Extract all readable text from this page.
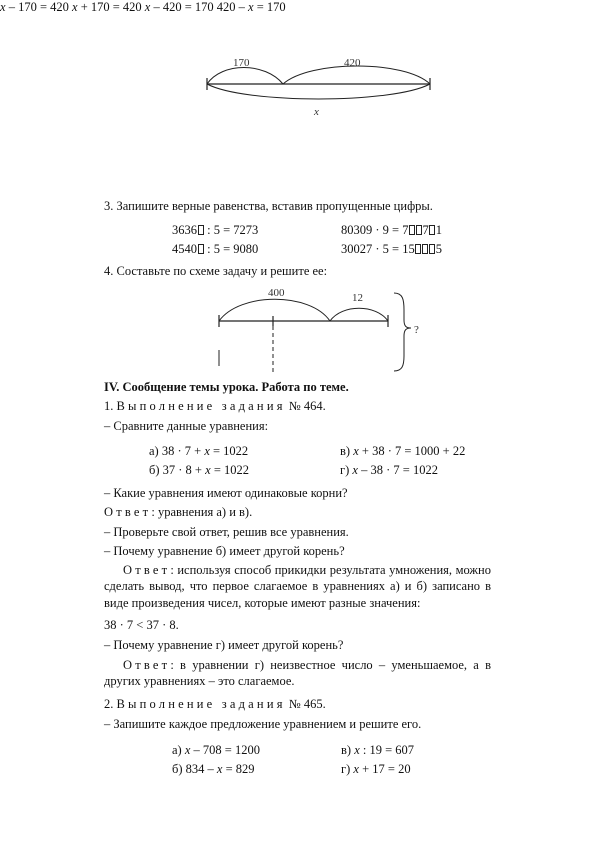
170	420
x
400	12
?
x – 170 = 420 x + 170 = 420 x – 420 = 170 420 – x = 170
3. Запишите верные равенства, вставив пропущенные цифры.
3636 : 5 = 7273
4540 : 5 = 9080
80309 · 9 = 7 7 1
30027 · 5 = 15 5
4. Составьте по схеме задачу и решите ее:
IV. Сообщение темы урока. Работа по теме.
1. Выполнение задания № 464.
– Сравните данные уравнения:
а) 38 · 7 + x = 1022
б) 37 · 8 + x = 1022
в) x + 38 · 7 = 1000 + 22
г) x – 38 · 7 = 1022
– Какие уравнения имеют одинаковые корни?
Ответ: уравнения а) и в).
– Проверьте свой ответ, решив все уравнения.
– Почему уравнение б) имеет другой корень?
Ответ: используя способ прикидки результата умножения, можно сделать вывод, что первое слагаемое в уравнениях а) и б) записано в виде произведения чисел, которые имеют разные значения:
38 · 7 < 37 · 8.
– Почему уравнение г) имеет другой корень?
Ответ: в уравнении г) неизвестное число – уменьшаемое, а в других уравнениях – это слагаемое.
2. Выполнение задания № 465.
– Запишите каждое предложение уравнением и решите его.
а) x – 708 = 1200
б) 834 – x = 829
в) x : 19 = 607
г) x + 17 = 20
